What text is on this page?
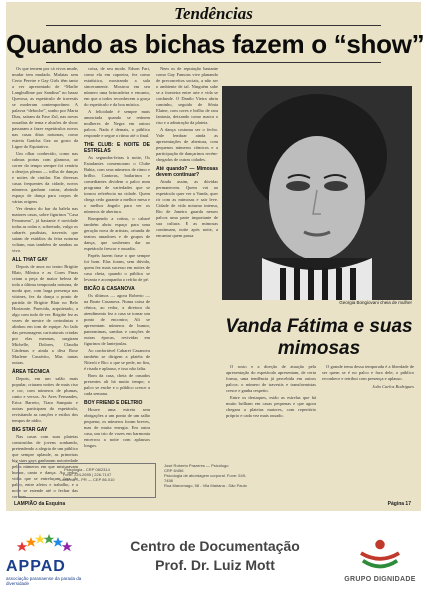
Tendências
Quando as bichas fazem o “show”

Os que temem por cá vivos mude, mudar tem mudado. Mulatas sem Certo Pereire e Gay Girls têm tanto a ver apresentado de “Marlie Langbullime por Sandina” no bazar Querosa, as espetáculo de travestis se moderam contemporâneo. A palavra “deboche”, sonho por Marta Dias, saíram da Fase Zul, nas novas ousadias de tema e alusões de show passaram a fazer espetáculos novos nas casas ditas noturnas, como estreia Gaúcha Gez ao gosto da Ligne do Equitativo.

Um olhar conhecido, como nas calmas portas com glamour, ao correr do tempo sempre foi cenário a desejos plenos — trilha de danças e noites de cintilar. Em diversas casas frequentes da cidade, novos números ganham cartaz, abrindo espaço de dança para corpos de várias origens.

Ver dentro do bar da balela nas maiores casas, sobre figurinos "Casa Fenomeno", já bastante é novidade todas as rodas e, sobretudo, vulgo os cabarés paulistas, travestis que saiam de estúdios da feira noturna voltam, mas também de sambas ao vivo.

ALL THAT GAY

Depois de anos no teatro Brigitte Blair, Mônica e as Cores Finas criam a peça de maior beleza de toda a última temporada noturna, de moda que, com larga presença nas vitrines, fez da dança o ponto de partida de Brigitte Blair no Belo Horizonte. Parecido, arquitetado, a algo com tudo de ver. Brigitte fez as vezes de mestre de cerimônias e alinhou em tom de equipe. Ao lado das personagens caricaturais criadas por elas mesmas, surgiram Michelle, Dolores, Claudia Cárdenas e ainda a diva Rose Marlene Cassérito, Mas tantas outras.

ÁREA TÉCNICA

Depois, em um salão mais popular, criaram noites de mais riso e cor, com números de plumas, canto e versos. As Aves Fernandes, Erica Barreto, Tiara Sampaio e outras participam do espetáculo, revisitando as canções e estilos dos tempos de rádio.

BIG STAR GAY

Nas casas com suas plateias construídas de jovens sonhando, pretendendo a alegria de um público que sempre aplaude, as primeiras big stars gays ganharam notoriedade pelos números em que misturavam humor, canto e dança. Ao redor, vidas que se entrelaçam fora do palco, entre afetos e trabalho, e a noite se estende até o fechar das cortinas.

Psicologia - CRP 08/2314
Fone: 224-2695 | 226-7147
Londrina — PR — CEP 86.010

coisa, de seu modo. Edson Fari, como ela em capoeira, fez como estatística, mostrando a sala sinceramente. Mostrou em seu número uma brincadeira e encanto, em que a todos reconhecem a graça do espetáculo e da boa música.

A felicidade é sempre mais anunciada quando se reúnem mulheres de Negra em outros palcos. Nada é demais, o público responde e segue o ritmo até o final.

THE CLUB: E NOITE DE ESTRELAS

As segundas-feiras à noite, Os Estudantes comemoram o Clube Bahia, com seus números de ritmo e brilho. Cantoras, bailarinos e comediantes dividem o palco num programa de variedades que se tornou referência na cidade. Quem chega cedo garante a melhor mesa e o melhor ângulo para ver os números de abertura.

Rompendo a rotina, o cabaré também abriu espaço para uma geração nova de artistas, oriunda de teatros amadores e de grupos de dança, que souberam dar ao espetáculo frescor e ousadia.

Papéis fazem frase o que sempre foi bom. Elas foram, sem dúvida, quem fez mais sucesso em noites de casa cheia, quando o público se levanta e acompanha o refrão de pé.

BICÃO & CASANOVA

Os últimos — agora Roberto — na Boate Casanova. Numa caixa de cênica, ao redor, a diretora do atendimento fez a casa se tornar um ponto de encontro; Ali se apresentam números de humor, pantomimas, sambas e canções de outras épocas, revividas em figurinos de lantejoulas.

Ao confortável Cabaret Casanova também se dirigem a platéia de Niterói e Rio: o que se pede, no fim, é risada e aplauso, e isso não falta.

Bom da casa, cheia de ousados presentes ali há muito tempo; o palco se enche e o público cresce a cada semana.

BOY FRIEND E DELTRIO

Houve uma estreia sem obrigações a um ponto de um salão pequeno; os números foram breves, mas de muita energia. Em outra casa, um trio de vozes em harmonia encerrou a noite com aplausos longos.

José Roberto Prazeres — Psicólogo
CRP 8/456
Psicologia de abordagem corporal. Fone: 549-7458
Rua Marcenago, 58 - Vila Mariana - São Paulo

Nem os de reputação bastante como Gay Famous vive planando de preconceitos sociais, a não ser o ambiente de tal. Ninguém sabe se a fronteira entre arte e vida se confunde. O Danilo Vieira abriu caminho, seguido de Sônia Elaine, com cores e brilho de rara fantasia, deixando como marca o riso e a admiração da plateia.

A dança costuma ser o fecho. Vale lembrar ainda as apresentações de abertura, com pequenos números cômicos e a participação de dançarinos recém-chegados de outras cidades.

Até quando? — Mimosas devem continuar?

Ainda assim, as dúvidas permanecem. Quem vai ao espetáculo quer ver a Vanda, quer rir com as mimosas e sair leve. Cidade de vida noturna intensa, Rio de Janeiro guarda nesses palcos uma parte importante de sua cultura. E as mimosas continuam, noite após noite, a encantar quem passa.

Georgia Bongiovani cheia de mulher
Vanda Fátima e suas mimosas

O rosto e a direção de atuação pela apresentação do espetáculo apresentam, de certa forma, uma tendência já percebida em outros palcos: o número de travestis e transformistas cresce e ganha respeito.

Entre os destaques, estão as estrelas que há muito brilham em casas pequenas e que agora chegam a plateias maiores, com repertório próprio e cada vez mais ousado.

O grande tema dessa temporada é a liberdade de ser quem se é no palco e fora dele; o público reconhece e retribui com presença e aplauso.

João Carlos Rodrigues
LAMPIÃO da Esquina	Página 17
APPAD
associação paranaense da parada da diversidade
Centro de Documentação
Prof. Dr. Luiz Mott
GRUPO DIGNIDADE
